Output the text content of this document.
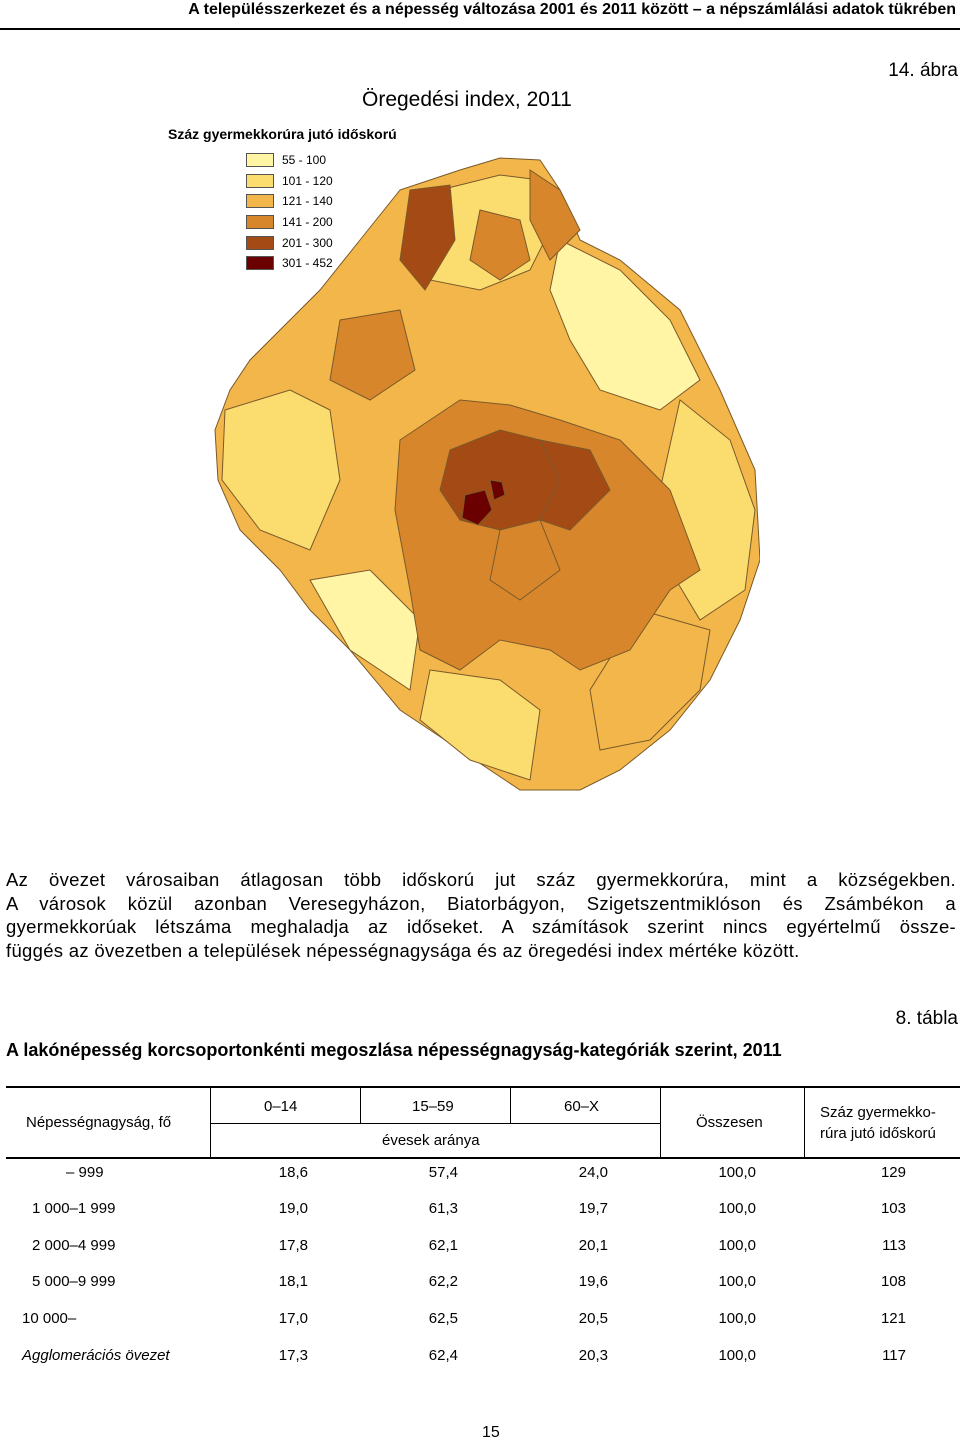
A településszerkezet és a népesség változása 2001 és 2011 között – a népszámlálási adatok tükrében
14. ábra
Öregedési index, 2011
Száz gyermekkorúra jutó időskorú
55 - 100
101 - 120
121 - 140
141 - 200
201 - 300
301 - 452

Az övezet városaiban átlagosan több időskorú jut száz gyermekkorúra, mint a községekben.

A városok közül azonban Veresegyházon, Biatorbágyon, Szigetszentmiklóson és Zsámbékon a

gyermekkorúak létszáma meghaladja az időseket. A számítások szerint nincs egyértelmű össze-

függés az övezetben a települések népességnagysága és az öregedési index mértéke között.

8. tábla
A lakónépesség korcsoportonkénti megoszlása népességnagyság-kategóriák szerint, 2011
Népességnagyság, fő
0–14	15–59	60–X
évesek aránya
Összesen
Száz gyermekko-
rúra jutó időskorú
– 999	18,6	57,4	24,0	100,0	129
1 000–1 999	19,0	61,3	19,7	100,0	103
2 000–4 999	17,8	62,1	20,1	100,0	113
5 000–9 999	18,1	62,2	19,6	100,0	108
10 000–	17,0	62,5	20,5	100,0	121
Agglomerációs övezet	17,3	62,4	20,3	100,0	117
15
